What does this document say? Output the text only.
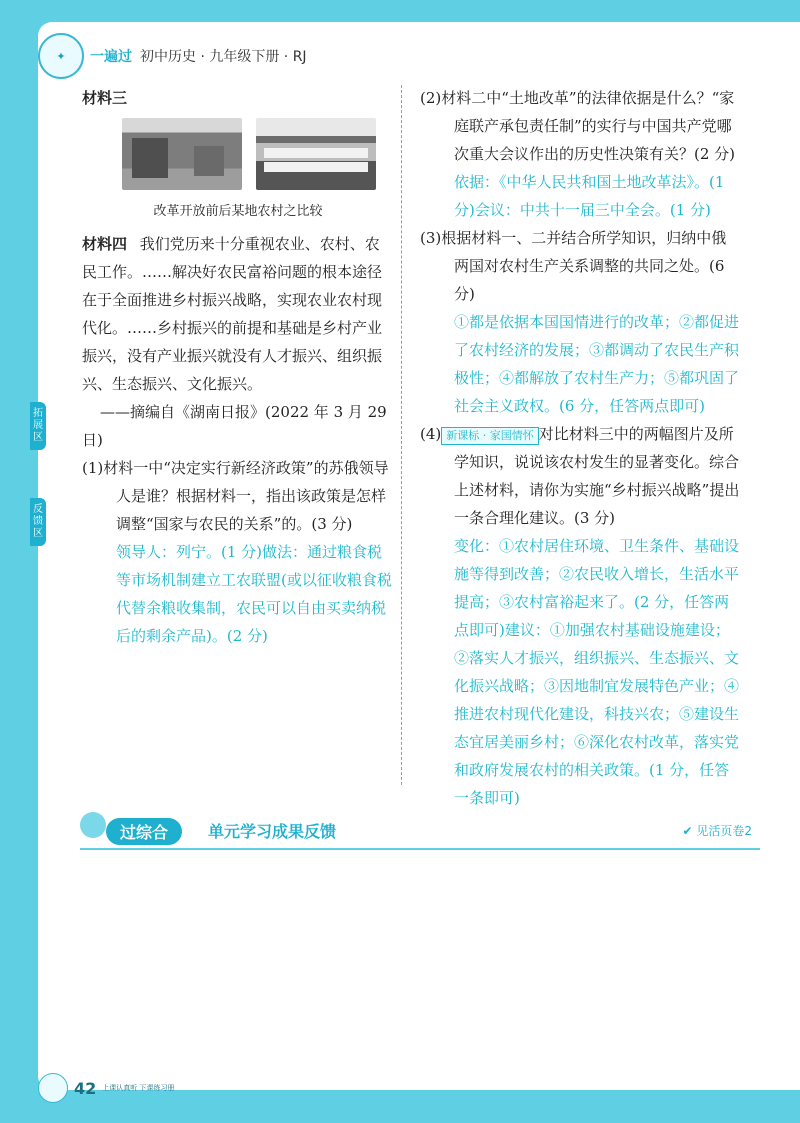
✦	一遍过 初中历史 · 九年级下册 · RJ
拓展区
反馈区
材料三
改革开放前后某地农村之比较
材料四 我们党历来十分重视农业、农村、农民工作。……解决好农民富裕问题的根本途径在于全面推进乡村振兴战略，实现农业农村现代化。……乡村振兴的前提和基础是乡村产业振兴，没有产业振兴就没有人才振兴、组织振兴、生态振兴、文化振兴。
——摘编自《湖南日报》(2022 年 3 月 29 日)
(1)材料一中“决定实行新经济政策”的苏俄领导人是谁？根据材料一，指出该政策是怎样调整“国家与农民的关系”的。(3 分)
领导人：列宁。(1 分)做法：通过粮食税等市场机制建立工农联盟(或以征收粮食税代替余粮收集制，农民可以自由买卖纳税后的剩余产品)。(2 分)
(2)材料二中“土地改革”的法律依据是什么？“家庭联产承包责任制”的实行与中国共产党哪次重大会议作出的历史性决策有关？(2 分)
依据：《中华人民共和国土地改革法》。(1 分)会议：中共十一届三中全会。(1 分)
(3)根据材料一、二并结合所学知识，归纳中俄两国对农村生产关系调整的共同之处。(6 分)
①都是依据本国国情进行的改革；②都促进了农村经济的发展；③都调动了农民生产积极性；④都解放了农村生产力；⑤都巩固了社会主义政权。(6 分，任答两点即可)
(4) 新课标 · 家国情怀 对比材料三中的两幅图片及所学知识，说说该农村发生的显著变化。综合上述材料，请你为实施“乡村振兴战略”提出一条合理化建议。(3 分)
变化：①农村居住环境、卫生条件、基础设施等得到改善；②农民收入增长，生活水平提高；③农村富裕起来了。(2 分，任答两点即可)建议：①加强农村基础设施建设；②落实人才振兴，组织振兴、生态振兴、文化振兴战略；③因地制宜发展特色产业；④推进农村现代化建设，科技兴农；⑤建设生态宜居美丽乡村；⑥深化农村改革，落实党和政府发展农村的相关政策。(1 分，任答一条即可)
过综合	单元学习成果反馈	✔ 见活页卷2
42 上课认真听 下课练习册
